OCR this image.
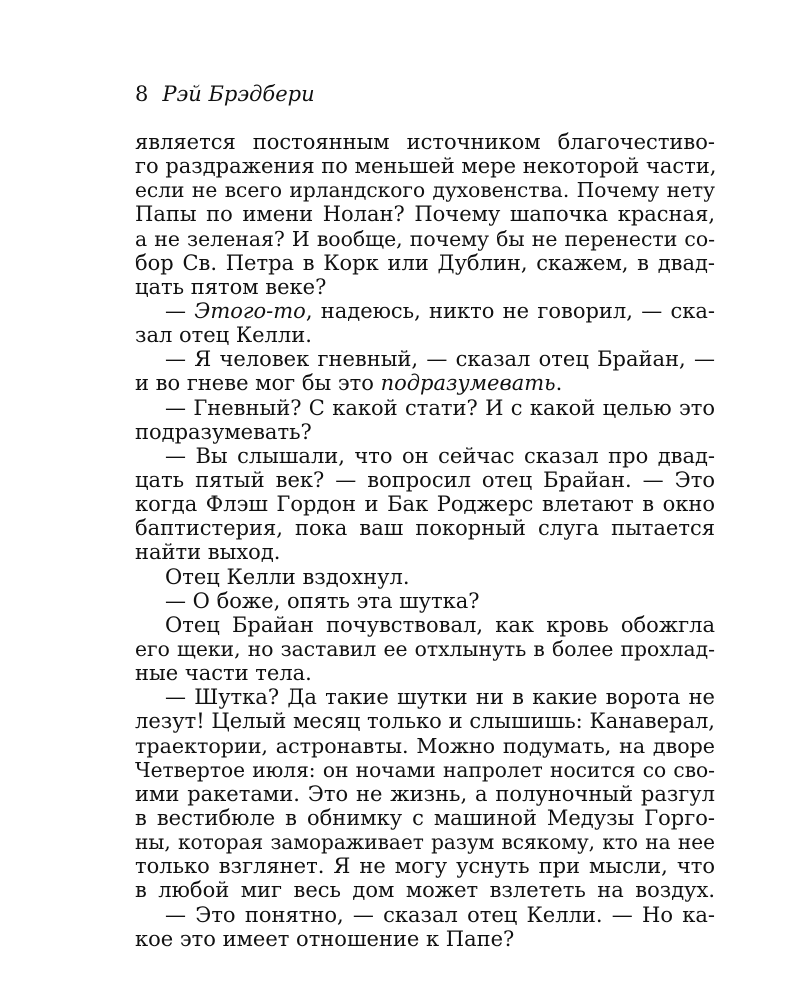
8 Рэй Брэдбери
является постоянным источником благочестиво-
го раздражения по меньшей мере некоторой части,
если не всего ирландского духовенства. Почему нету
Папы по имени Нолан? Почему шапочка красная,
а не зеленая? И вообще, почему бы не перенести со-
бор Св. Петра в Корк или Дублин, скажем, в двад-
цать пятом веке?
— Этого-то, надеюсь, никто не говорил, — ска-
зал отец Келли.
— Я человек гневный, — сказал отец Брайан, —
и во гневе мог бы это подразумевать.
— Гневный? С какой стати? И с какой целью это
подразумевать?
— Вы слышали, что он сейчас сказал про двад-
цать пятый век? — вопросил отец Брайан. — Это
когда Флэш Гордон и Бак Роджерс влетают в окно
баптистерия, пока ваш покорный слуга пытается
найти выход.
Отец Келли вздохнул.
— О боже, опять эта шутка?
Отец Брайан почувствовал, как кровь обожгла
его щеки, но заставил ее отхлынуть в более прохлад-
ные части тела.
— Шутка? Да такие шутки ни в какие ворота не
лезут! Целый месяц только и слышишь: Канаверал,
траектории, астронавты. Можно подумать, на дворе
Четвертое июля: он ночами напролет носится со сво-
ими ракетами. Это не жизнь, а полуночный разгул
в вестибюле в обнимку с машиной Медузы Горго-
ны, которая замораживает разум всякому, кто на нее
только взглянет. Я не могу уснуть при мысли, что
в любой миг весь дом может взлететь на воздух.
— Это понятно, — сказал отец Келли. — Но ка-
кое это имеет отношение к Папе?
